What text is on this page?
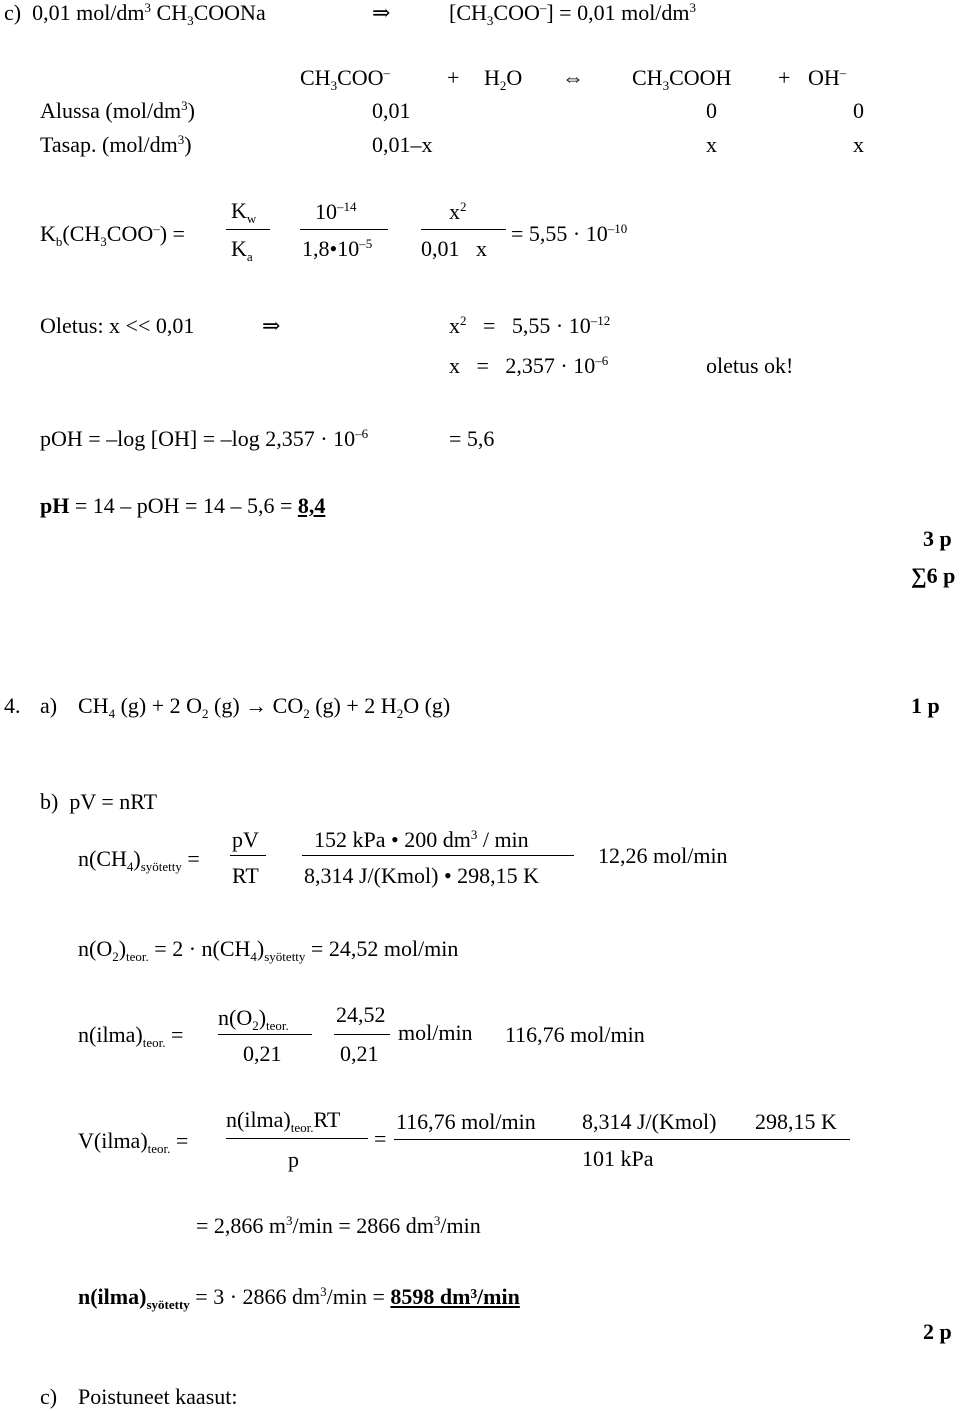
c) 0,01 mol/$dm^3$ $CH_3COONa$	⇒	$[CH_3COO^-] = 0,01$ mol/$dm^3$
$CH_3COO^-$	+ $H_2O$ ⇔ $CH_3COOH + OH^-$
Alussa $(mol/dm^3)$	0,01	0	0
Tasap. $(mol/dm^3)$	0,01–x	x	x
$K_b(CH_3COO^-)$ =
$K_w$
$K_a$
$10^{-14}$
$1,8•10^{-5}$
$x^2$
0,01 x
= $5,55 \cdot 10^{-10}$
Oletus: x << 0,01	⇒	$x^2 = 5,55 \cdot 10^{-12}$
$x = 2,357 \cdot 10^{-6}$	oletus ok!
pOH = –log [OH] = –log $2,357 \cdot 10^{-6}$	= 5,6
pH = 14 – pOH = 14 – 5,6 = 8,4
3 p
∑6 p
4. a) $CH_4$ (g) + 2 $O_2$ $(g) \to CO_2$ (g) + 2 $H_2O$ (g)	1 p
b) pV = nRT
$n(CH_4)_{syötetty}$ =
pV
RT
152 kPa • 200 $dm^3$ / min
8,314 J/(Kmol) • 298,15 K
12,26 mol/min
$n(O_2)_{teor.} = 2 \cdot n(CH_4)_{syötetty} = 24,52$ mol/min
$n(ilma)_{teor.}$ =
$n(O_2)_{teor.}$
0,21
24,52
0,21
mol/min 116,76 mol/min
$V(ilma)_{teor.}$ =
$n(ilma)_{teor.}RT$
p
=
116,76 mol/min 8,314 J/(Kmol) 298,15 K
101 kPa
= 2,866 $m^3/\min = 2866$ $dm^3/\min$
$n(ilma)_{syötetty} = 3 \cdot 2866$ $dm^3/\min = 8598$ dm³/min
2 p
c) Poistuneet kaasut:
